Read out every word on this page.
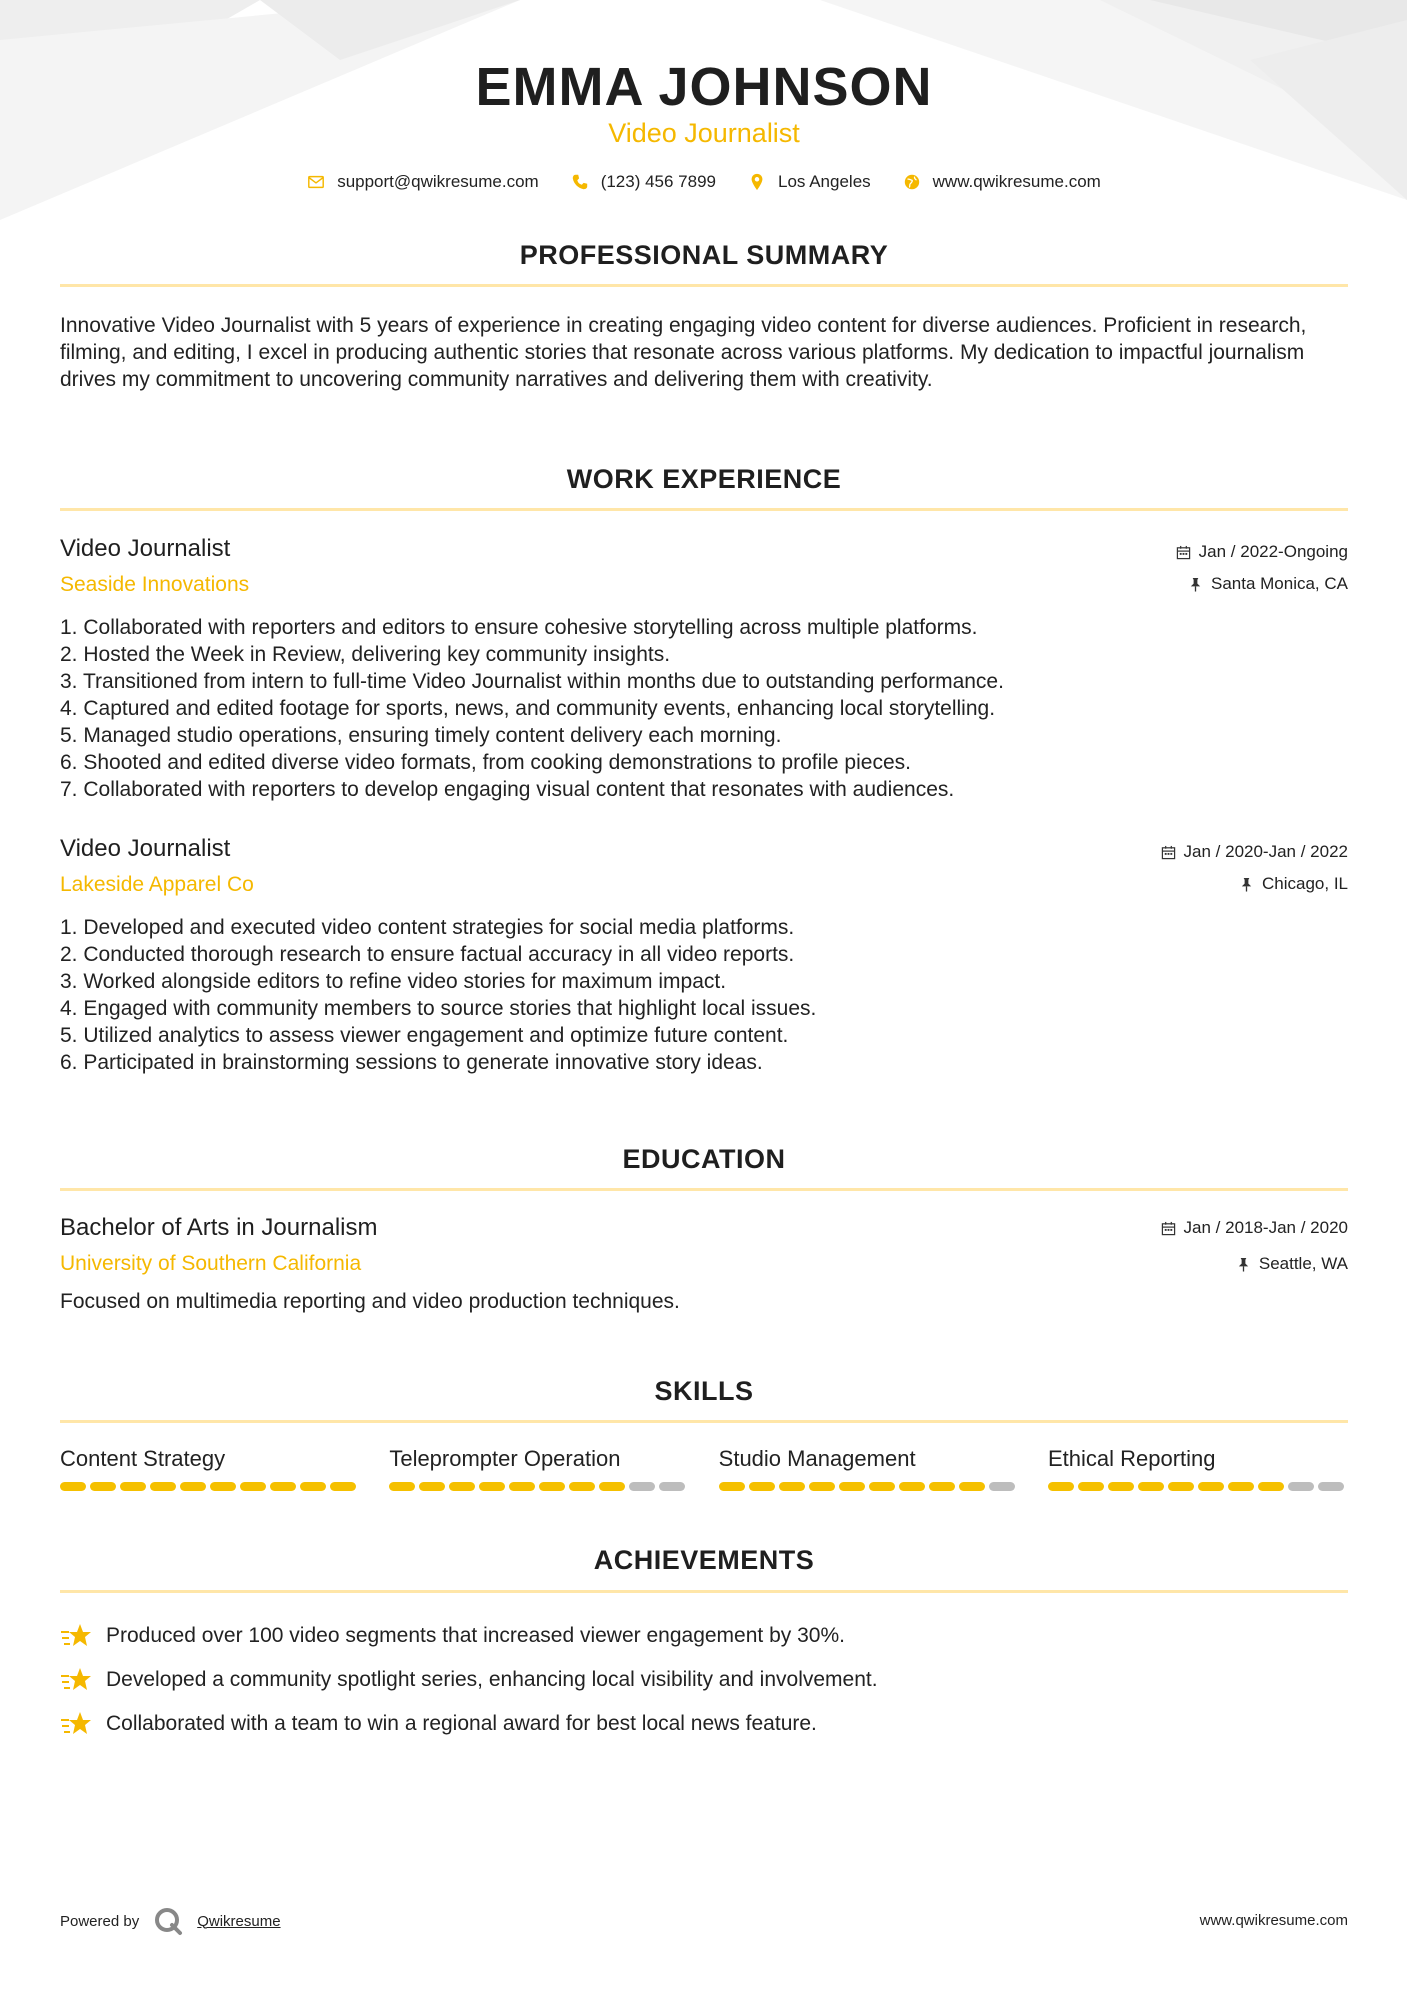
EMMA JOHNSON
Video Journalist
support@qwikresume.com	(123) 456 7899	Los Angeles	www.qwikresume.com
PROFESSIONAL SUMMARY
Innovative Video Journalist with 5 years of experience in creating engaging video content for diverse audiences. Proficient in research, filming, and editing, I excel in producing authentic stories that resonate across various platforms. My dedication to impactful journalism drives my commitment to uncovering community narratives and delivering them with creativity.
WORK EXPERIENCE
Video Journalist
Seaside Innovations
Jan / 2022-Ongoing
Santa Monica, CA
1. Collaborated with reporters and editors to ensure cohesive storytelling across multiple platforms.
2. Hosted the Week in Review, delivering key community insights.
3. Transitioned from intern to full-time Video Journalist within months due to outstanding performance.
4. Captured and edited footage for sports, news, and community events, enhancing local storytelling.
5. Managed studio operations, ensuring timely content delivery each morning.
6. Shooted and edited diverse video formats, from cooking demonstrations to profile pieces.
7. Collaborated with reporters to develop engaging visual content that resonates with audiences.
Video Journalist
Lakeside Apparel Co
Jan / 2020-Jan / 2022
Chicago, IL
1. Developed and executed video content strategies for social media platforms.
2. Conducted thorough research to ensure factual accuracy in all video reports.
3. Worked alongside editors to refine video stories for maximum impact.
4. Engaged with community members to source stories that highlight local issues.
5. Utilized analytics to assess viewer engagement and optimize future content.
6. Participated in brainstorming sessions to generate innovative story ideas.
EDUCATION
Bachelor of Arts in Journalism
University of Southern California
Jan / 2018-Jan / 2020
Seattle, WA
Focused on multimedia reporting and video production techniques.
SKILLS
Content Strategy	Teleprompter Operation	Studio Management	Ethical Reporting
ACHIEVEMENTS
Produced over 100 video segments that increased viewer engagement by 30%.
Developed a community spotlight series, enhancing local visibility and involvement.
Collaborated with a team to win a regional award for best local news feature.
Powered by	Qwikresume	www.qwikresume.com
